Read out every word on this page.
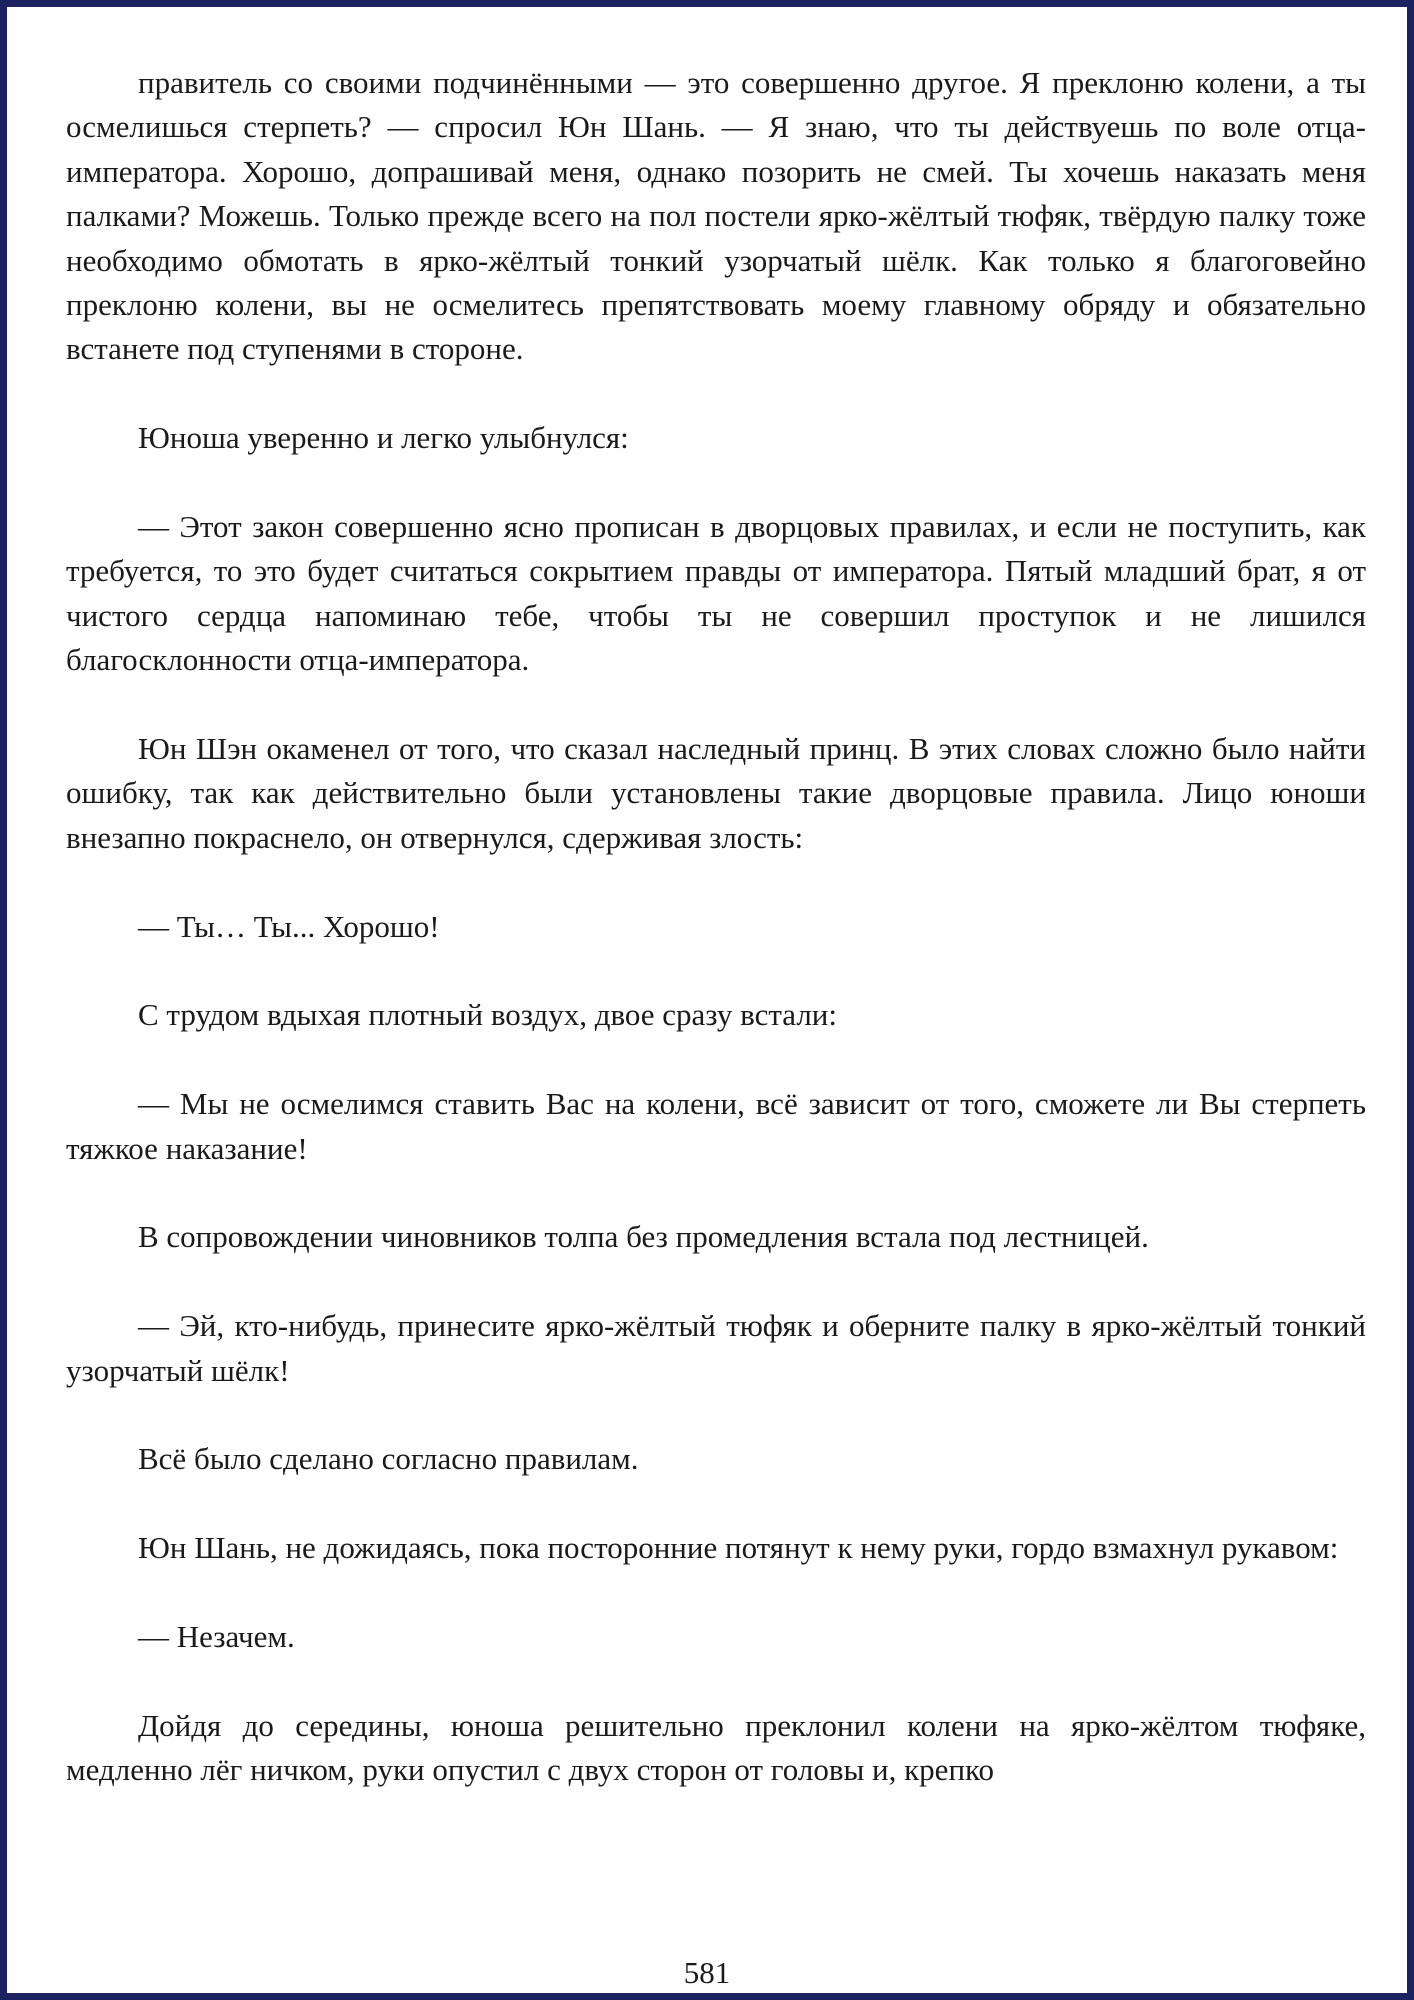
правитель со своими подчинёнными — это совершенно другое. Я преклоню колени, а ты осмелишься стерпеть? — спросил Юн Шань. — Я знаю, что ты действуешь по воле отца-императора. Хорошо, допрашивай меня, однако позорить не смей. Ты хочешь наказать меня палками? Можешь. Только прежде всего на пол постели ярко-жёлтый тюфяк, твёрдую палку тоже необходимо обмотать в ярко-жёлтый тонкий узорчатый шёлк. Как только я благоговейно преклоню колени, вы не осмелитесь препятствовать моему главному обряду и обязательно встанете под ступенями в стороне.

Юноша уверенно и легко улыбнулся:

— Этот закон совершенно ясно прописан в дворцовых правилах, и если не поступить, как требуется, то это будет считаться сокрытием правды от императора. Пятый младший брат, я от чистого сердца напоминаю тебе, чтобы ты не совершил проступок и не лишился благосклонности отца-императора.

Юн Шэн окаменел от того, что сказал наследный принц. В этих словах сложно было найти ошибку, так как действительно были установлены такие дворцовые правила. Лицо юноши внезапно покраснело, он отвернулся, сдерживая злость:

— Ты… Ты... Хорошо!

С трудом вдыхая плотный воздух, двое сразу встали:

— Мы не осмелимся ставить Вас на колени, всё зависит от того, сможете ли Вы стерпеть тяжкое наказание!

В сопровождении чиновников толпа без промедления встала под лестницей.

— Эй, кто-нибудь, принесите ярко-жёлтый тюфяк и оберните палку в ярко-жёлтый тонкий узорчатый шёлк!

Всё было сделано согласно правилам.

Юн Шань, не дожидаясь, пока посторонние потянут к нему руки, гордо взмахнул рукавом:

— Незачем.

Дойдя до середины, юноша решительно преклонил колени на ярко-жёлтом тюфяке, медленно лёг ничком, руки опустил с двух сторон от головы и, крепко

581
